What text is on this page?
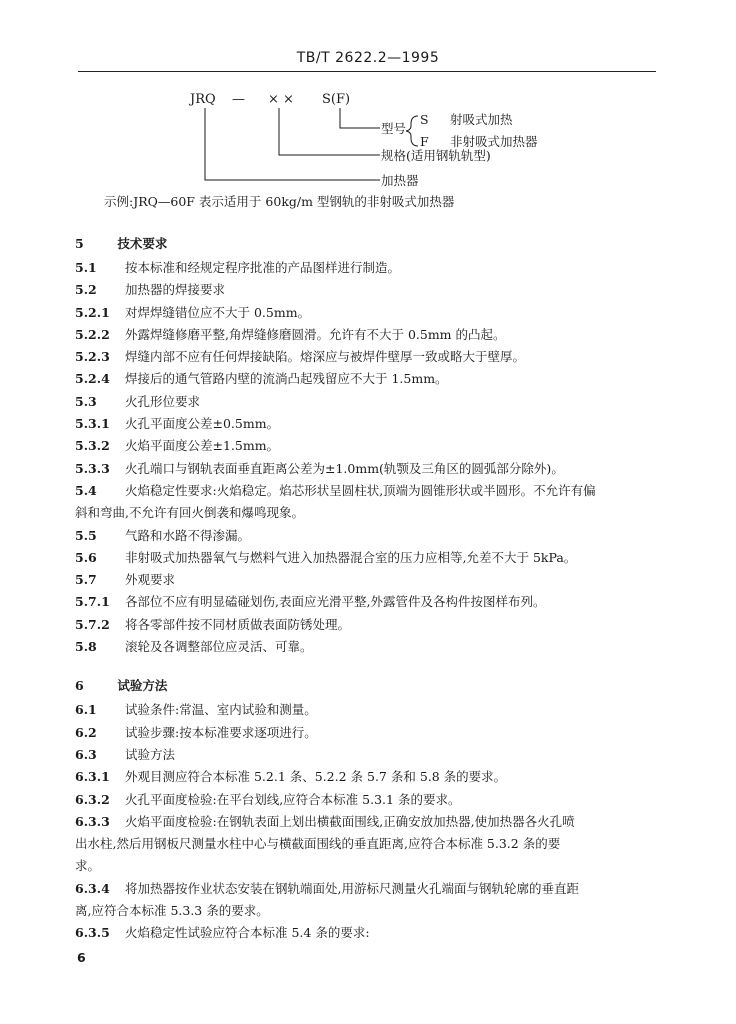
TB/T 2622.2—1995
JRQ — × × S(F)
型号
S 射吸式加热
F 非射吸式加热器
规格(适用钢轨轨型)
加热器
示例:JRQ—60F 表示适用于 60kg/m 型钢轨的非射吸式加热器
5	技术要求
5.1 按本标准和经规定程序批准的产品图样进行制造。
5.2 加热器的焊接要求
5.2.1 对焊焊缝错位应不大于 0.5mm。
5.2.2 外露焊缝修磨平整,角焊缝修磨圆滑。允许有不大于 0.5mm 的凸起。
5.2.3 焊缝内部不应有任何焊接缺陷。熔深应与被焊件壁厚一致或略大于壁厚。
5.2.4 焊接后的通气管路内壁的流淌凸起残留应不大于 1.5mm。
5.3 火孔形位要求
5.3.1 火孔平面度公差±0.5mm。
5.3.2 火焰平面度公差±1.5mm。
5.3.3 火孔端口与钢轨表面垂直距离公差为±1.0mm(轨颚及三角区的圆弧部分除外)。
5.4 火焰稳定性要求:火焰稳定。焰芯形状呈圆柱状,顶端为圆锥形状或半圆形。不允许有偏
斜和弯曲,不允许有回火倒袭和爆鸣现象。
5.5 气路和水路不得渗漏。
5.6 非射吸式加热器氧气与燃料气进入加热器混合室的压力应相等,允差不大于 5kPa。
5.7 外观要求
5.7.1 各部位不应有明显磕碰划伤,表面应光滑平整,外露管件及各构件按图样布列。
5.7.2 将各零部件按不同材质做表面防锈处理。
5.8 滚轮及各调整部位应灵活、可靠。
6	试验方法
6.1 试验条件:常温、室内试验和测量。
6.2 试验步骤:按本标准要求逐项进行。
6.3 试验方法
6.3.1 外观目测应符合本标准 5.2.1 条、5.2.2 条 5.7 条和 5.8 条的要求。
6.3.2 火孔平面度检验:在平台划线,应符合本标准 5.3.1 条的要求。
6.3.3 火焰平面度检验:在钢轨表面上划出横截面围线,正确安放加热器,使加热器各火孔喷
出水柱,然后用钢板尺测量水柱中心与横截面围线的垂直距离,应符合本标准 5.3.2 条的要
求。
6.3.4 将加热器按作业状态安装在钢轨端面处,用游标尺测量火孔端面与钢轨轮廓的垂直距
离,应符合本标准 5.3.3 条的要求。
6.3.5 火焰稳定性试验应符合本标准 5.4 条的要求:
6
